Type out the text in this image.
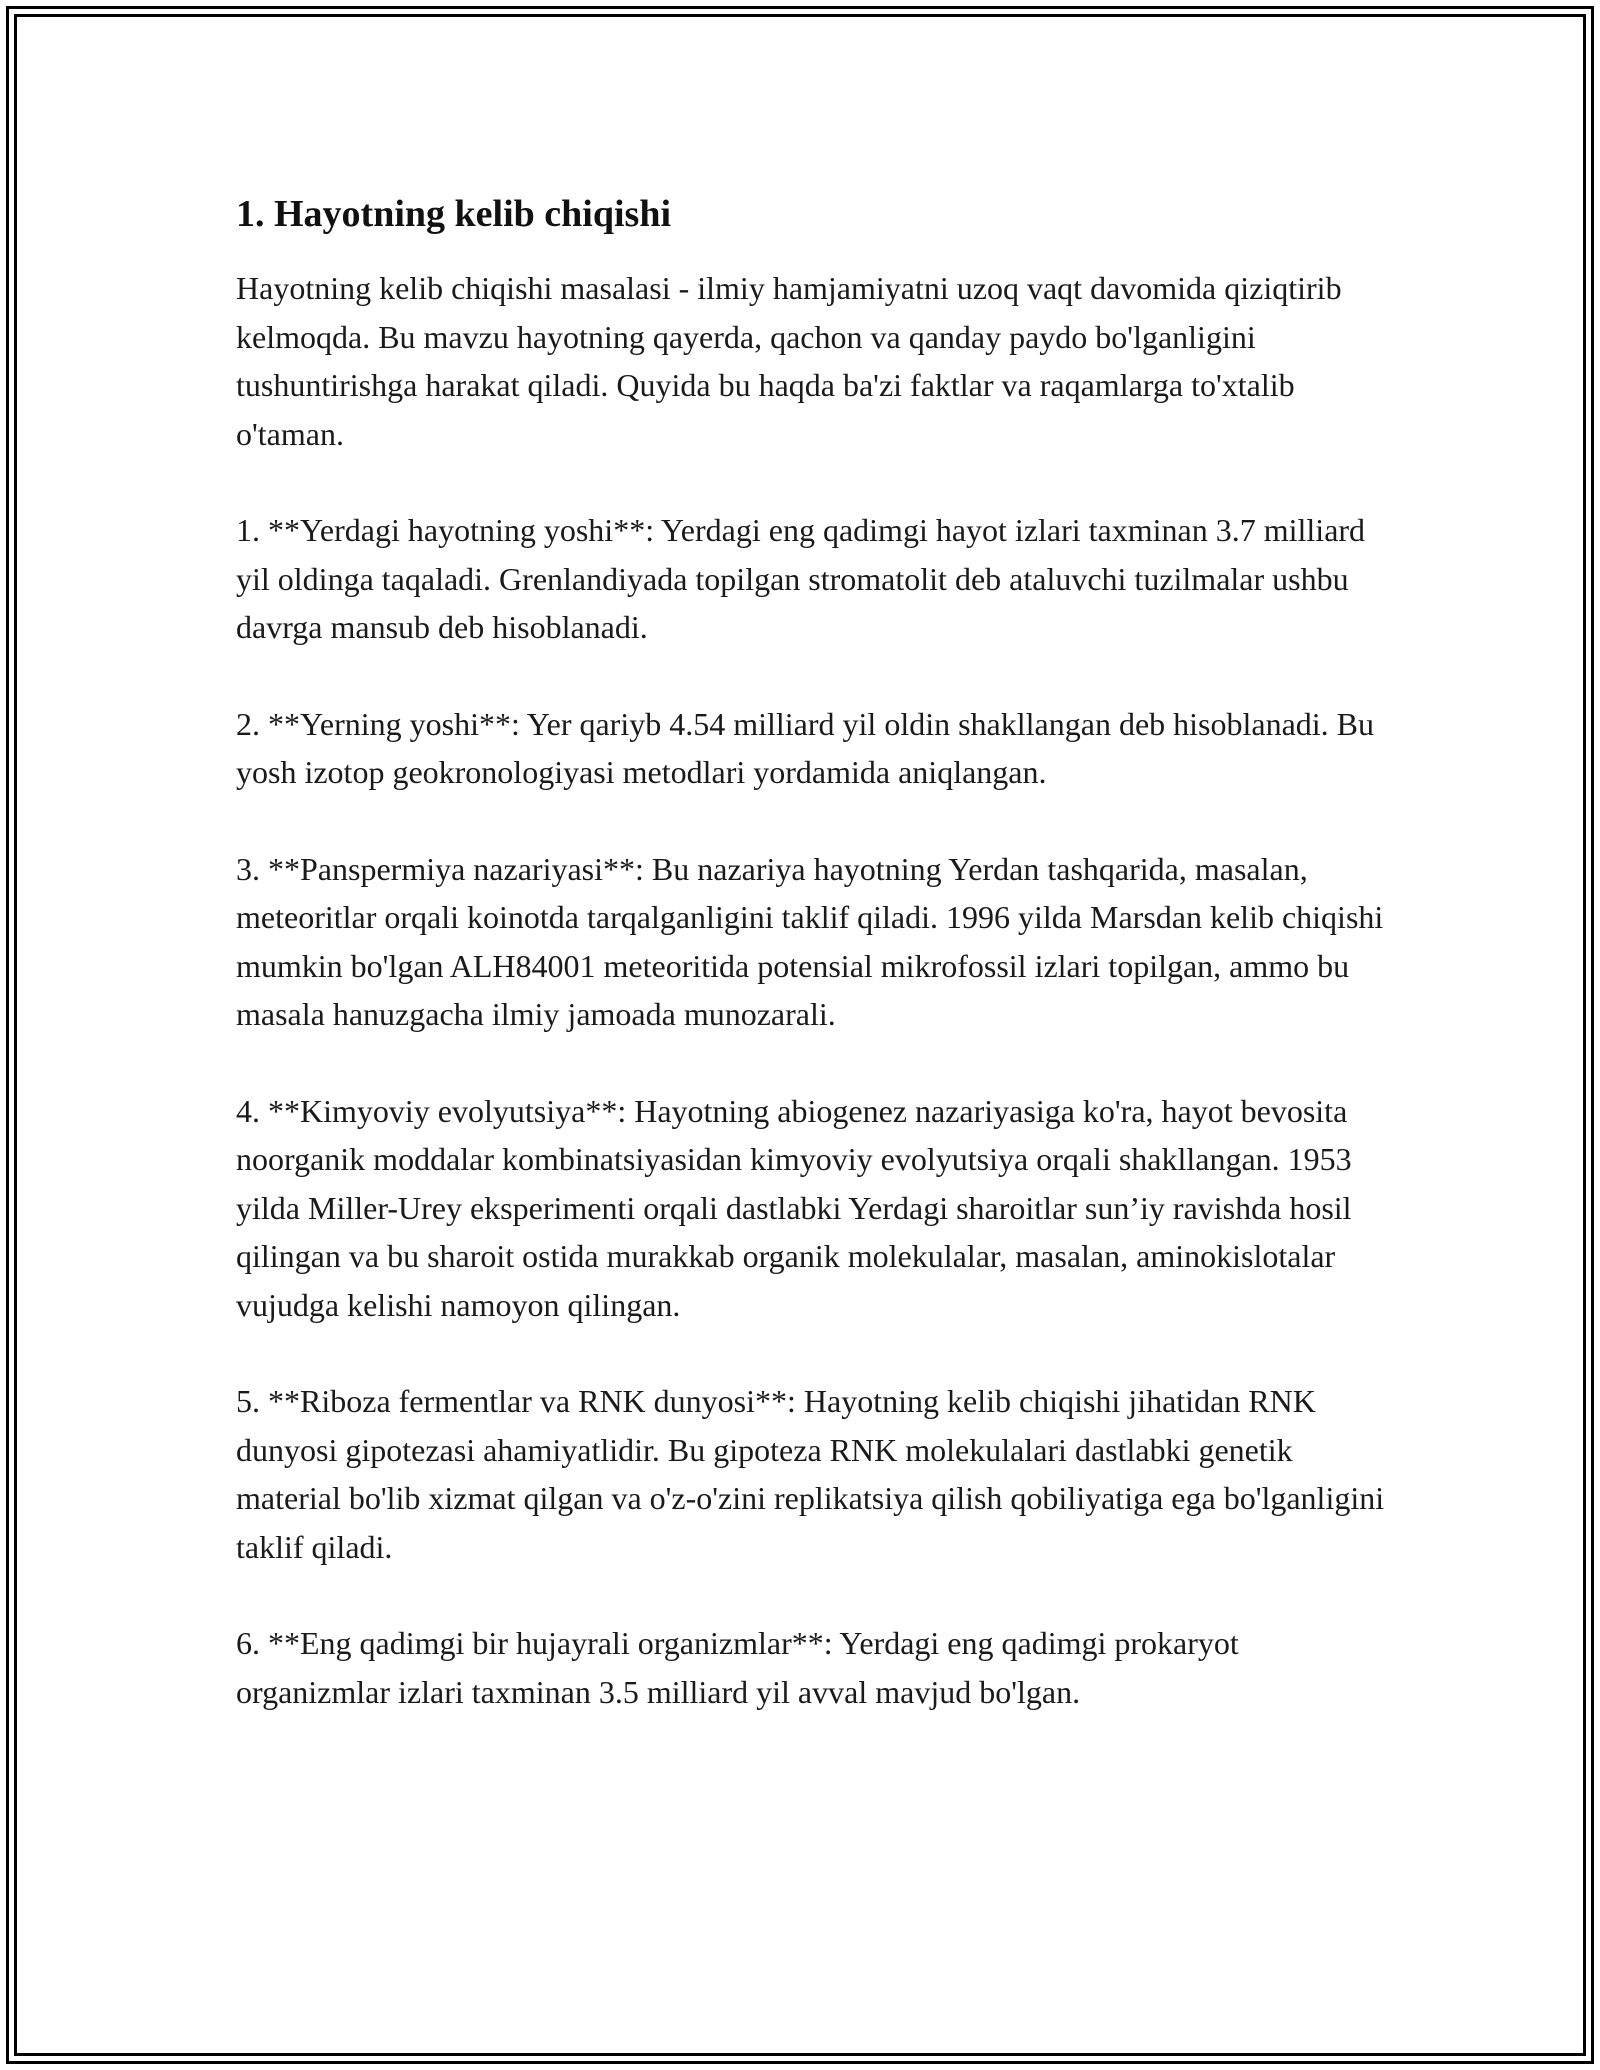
1. Hayotning kelib chiqishi

Hayotning kelib chiqishi masalasi - ilmiy hamjamiyatni uzoq vaqt davomida qiziqtirib kelmoqda. Bu mavzu hayotning qayerda, qachon va qanday paydo bo'lganligini tushuntirishga harakat qiladi. Quyida bu haqda ba'zi faktlar va raqamlarga to'xtalib o'taman.

1. **Yerdagi hayotning yoshi**: Yerdagi eng qadimgi hayot izlari taxminan 3.7 milliard yil oldinga taqaladi. Grenlandiyada topilgan stromatolit deb ataluvchi tuzilmalar ushbu davrga mansub deb hisoblanadi.

2. **Yerning yoshi**: Yer qariyb 4.54 milliard yil oldin shakllangan deb hisoblanadi. Bu yosh izotop geokronologiyasi metodlari yordamida aniqlangan.

3. **Panspermiya nazariyasi**: Bu nazariya hayotning Yerdan tashqarida, masalan, meteoritlar orqali koinotda tarqalganligini taklif qiladi. 1996 yilda Marsdan kelib chiqishi mumkin bo'lgan ALH84001 meteoritida potensial mikrofossil izlari topilgan, ammo bu masala hanuzgacha ilmiy jamoada munozarali.

4. **Kimyoviy evolyutsiya**: Hayotning abiogenez nazariyasiga ko'ra, hayot bevosita noorganik moddalar kombinatsiyasidan kimyoviy evolyutsiya orqali shakllangan. 1953 yilda Miller-Urey eksperimenti orqali dastlabki Yerdagi sharoitlar sun’iy ravishda hosil qilingan va bu sharoit ostida murakkab organik molekulalar, masalan, aminokislotalar vujudga kelishi namoyon qilingan.

5. **Riboza fermentlar va RNK dunyosi**: Hayotning kelib chiqishi jihatidan RNK dunyosi gipotezasi ahamiyatlidir. Bu gipoteza RNK molekulalari dastlabki genetik material bo'lib xizmat qilgan va o'z-o'zini replikatsiya qilish qobiliyatiga ega bo'lganligini taklif qiladi.

6. **Eng qadimgi bir hujayrali organizmlar**: Yerdagi eng qadimgi prokaryot organizmlar izlari taxminan 3.5 milliard yil avval mavjud bo'lgan.
